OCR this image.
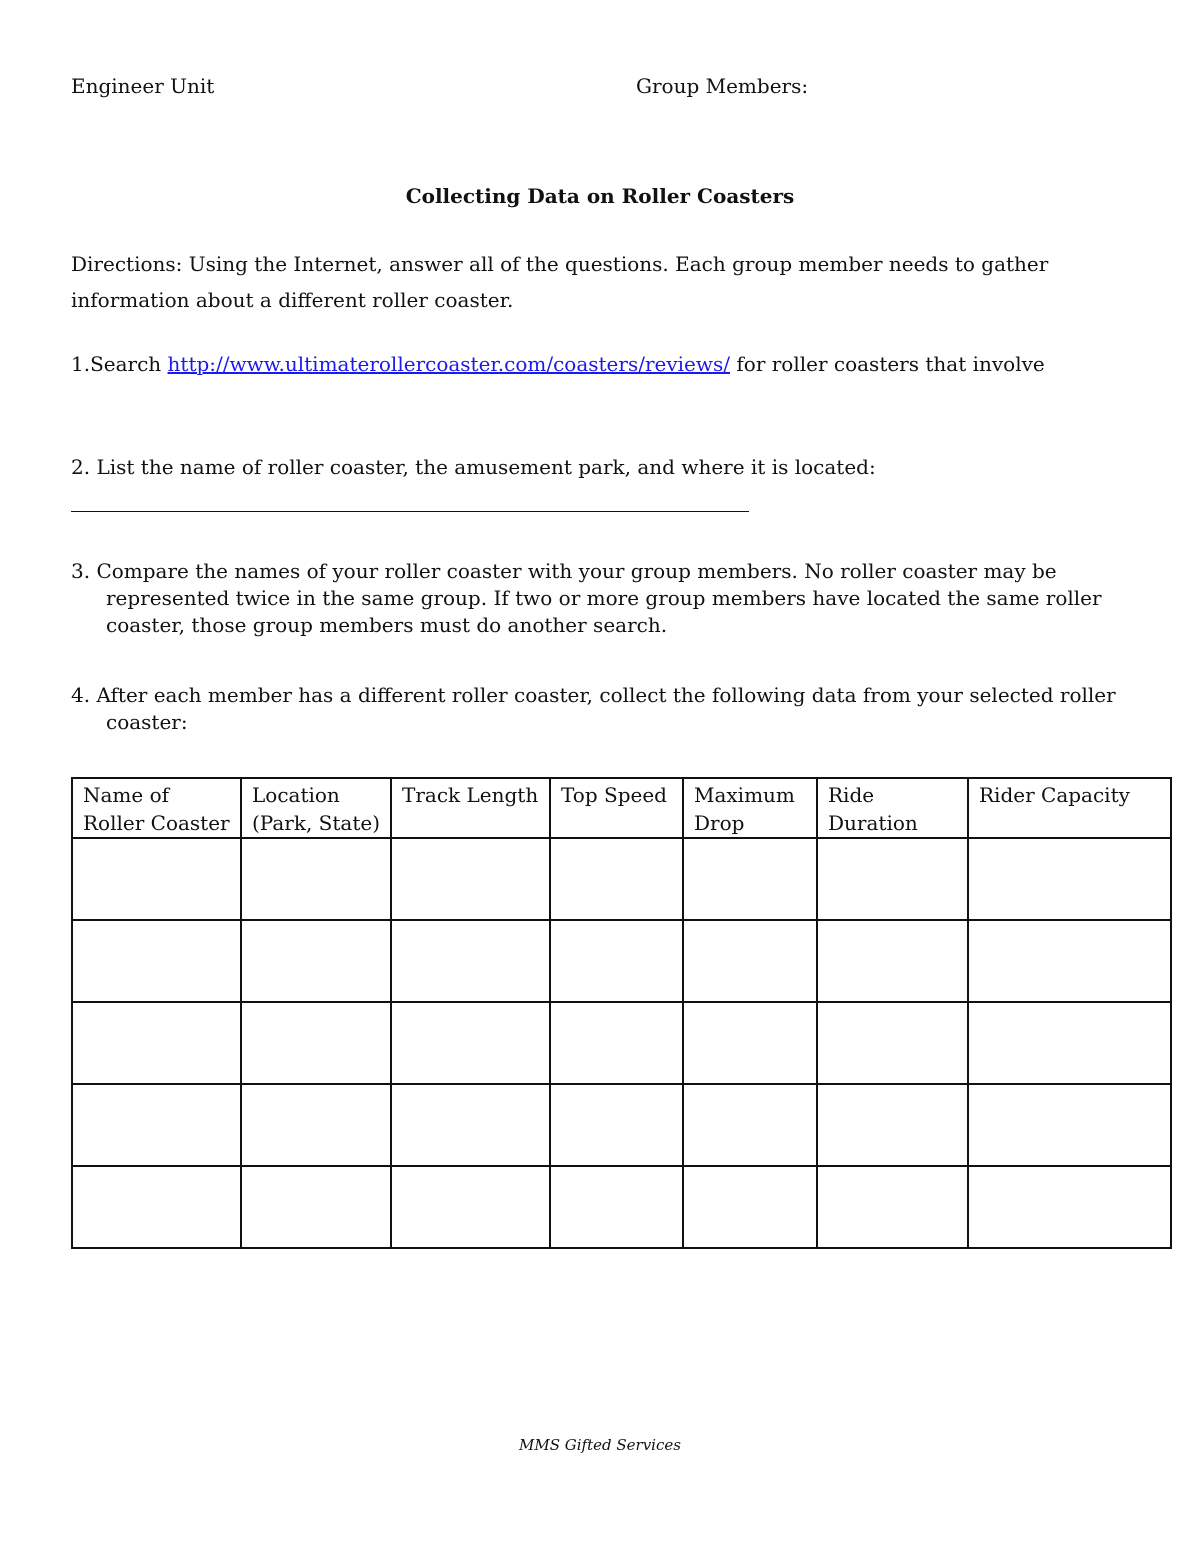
Engineer Unit	Group Members:
Collecting Data on Roller Coasters
Directions: Using the Internet, answer all of the questions. Each group member needs to gather information about a different roller coaster.
1.Search http://www.ultimaterollercoaster.com/coasters/reviews/ for roller coasters that involve
2. List the name of roller coaster, the amusement park, and where it is located:
3. Compare the names of your roller coaster with your group members. No roller coaster may be represented twice in the same group. If two or more group members have located the same roller coaster, those group members must do another search.
4. After each member has a different roller coaster, collect the following data from your selected roller coaster:
Name of Roller Coaster	Location (Park, State)	Track Length	Top Speed	Maximum Drop	Ride Duration	Rider Capacity

MMS Gifted Services
